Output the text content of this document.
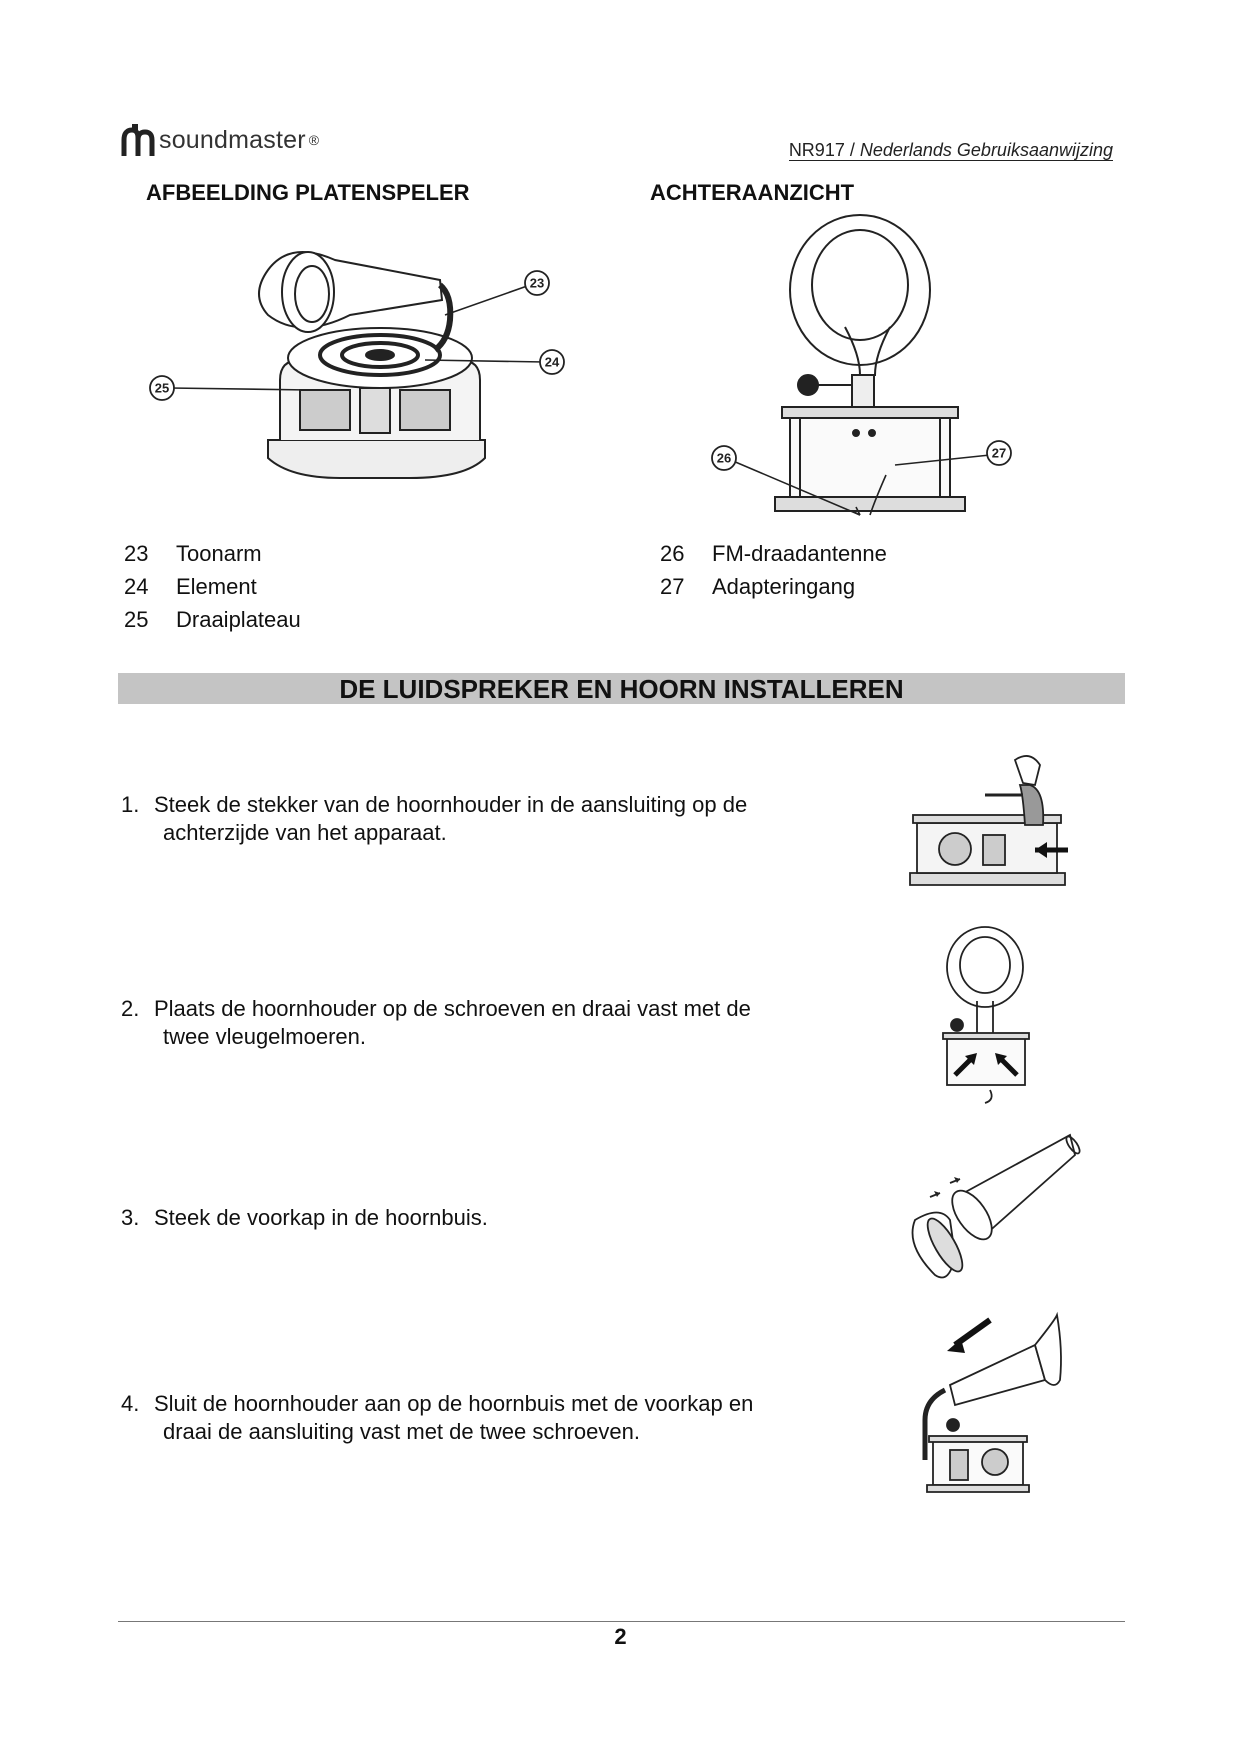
soundmaster ®	NR917 / Nederlands Gebruiksaanwijzing
AFBEELDING PLATENSPELER	ACHTERAANZICHT
23
24
25
26	27
23	Toonarm
24	Element
25	Draaiplateau
26	FM-draadantenne
27	Adapteringang
DE LUIDSPREKER EN HOORN INSTALLEREN
1. Steek de stekker van de hoornhouder in de aansluiting op de
achterzijde van het apparaat.
2. Plaats de hoornhouder op de schroeven en draai vast met de
twee vleugelmoeren.
3. Steek de voorkap in de hoornbuis.
4. Sluit de hoornhouder aan op de hoornbuis met de voorkap en
draai de aansluiting vast met de twee schroeven.
2
